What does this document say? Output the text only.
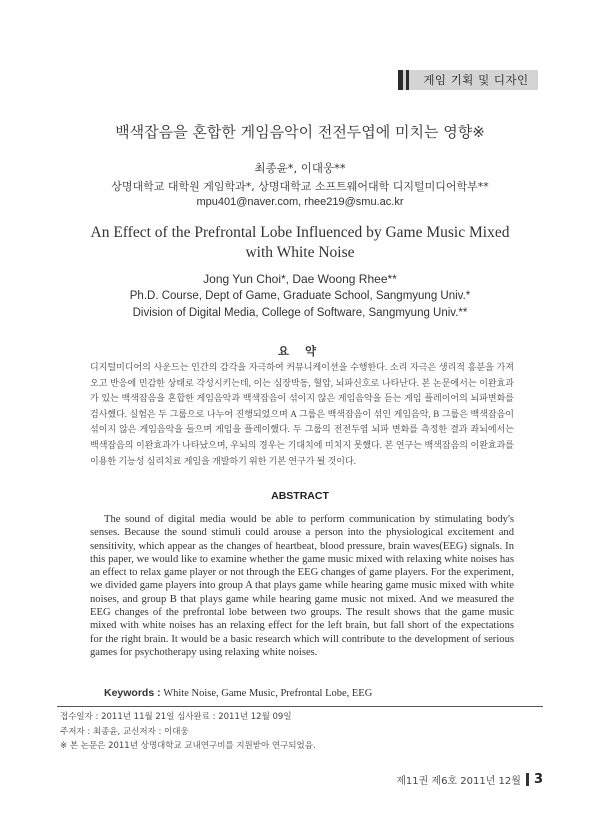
게임 기획 및 디자인
백색잡음을 혼합한 게임음악이 전전두엽에 미치는 영향※
최종윤*, 이대웅**
상명대학교 대학원 게임학과*, 상명대학교 소프트웨어대학 디지털미디어학부**
mpu401@naver.com, rhee219@smu.ac.kr
An Effect of the Prefrontal Lobe Influenced by Game Music Mixed
with White Noise
Jong Yun Choi*, Dae Woong Rhee**
Ph.D. Course, Dept of Game, Graduate School, Sangmyung Univ.*
Division of Digital Media, College of Software, Sangmyung Univ.**
요 약
디지털미디어의 사운드는 인간의 감각을 자극하여 커뮤니케이션을 수행한다. 소리 자극은 생리적 흥분을 가져오고 반응에 민감한 상태로 각성시키는데, 이는 심장박동, 혈압, 뇌파신호로 나타난다. 본 논문에서는 이완효과가 있는 백색잡음을 혼합한 게임음악과 백색잡음이 섞이지 않은 게임음악을 듣는 게임 플레이어의 뇌파변화를 검사했다. 실험은 두 그룹으로 나누어 진행되었으며 A 그룹은 백색잡음이 섞인 게임음악, B 그룹은 백색잡음이 섞이지 않은 게임음악을 들으며 게임을 플레이했다. 두 그룹의 전전두엽 뇌파 변화를 측정한 결과 좌뇌에서는 백색잡음의 이완효과가 나타났으며, 우뇌의 경우는 기대치에 미치지 못했다. 본 연구는 백색잡음의 이완효과를 이용한 기능성 심리치료 게임을 개발하기 위한 기본 연구가 될 것이다.
ABSTRACT
The sound of digital media would be able to perform communication by stimulating body's senses. Because the sound stimuli could arouse a person into the physiological excitement and sensitivity, which appear as the changes of heartbeat, blood pressure, brain waves(EEG) signals. In this paper, we would like to examine whether the game music mixed with relaxing white noises has an effect to relax game player or not through the EEG changes of game players. For the experiment, we divided game players into group A that plays game while hearing game music mixed with white noises, and group B that plays game while hearing game music not mixed. And we measured the EEG changes of the prefrontal lobe between two groups. The result shows that the game music mixed with white noises has an relaxing effect for the left brain, but fall short of the expectations for the right brain. It would be a basic research which will contribute to the development of serious games for psychotherapy using relaxing white noises.
Keywords : White Noise, Game Music, Prefrontal Lobe, EEG
접수일자 : 2011년 11월 21일 심사완료 : 2011년 12월 09일
주저자 : 최종윤, 교신저자 : 이대웅
※ 본 논문은 2011년 상명대학교 교내연구비를 지원받아 연구되었음.
제11권 제6호 2011년 12월 3
